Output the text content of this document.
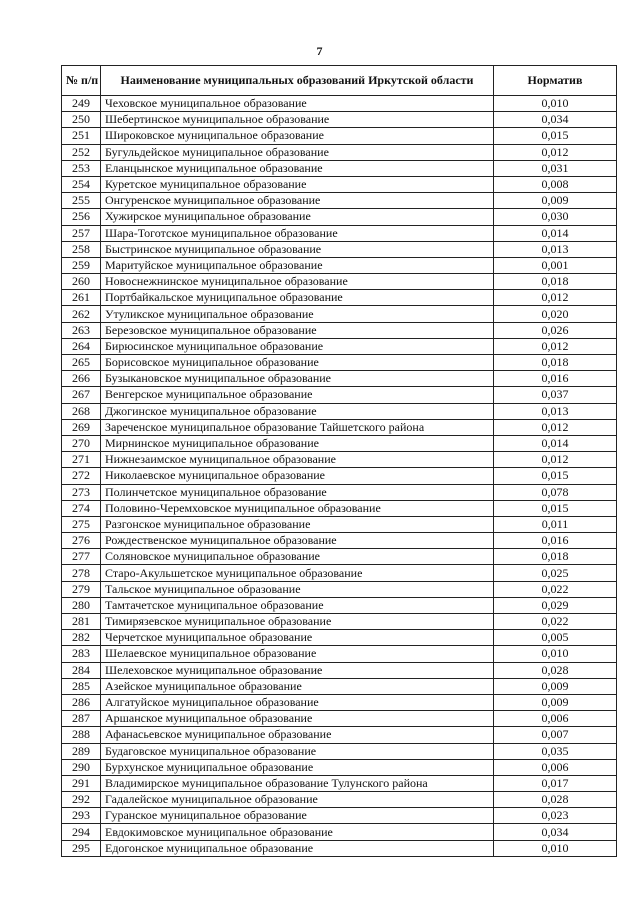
7
№ п/п	Наименование муниципальных образований Иркутской области	Норматив
249	Чеховское муниципальное образование	0,010
250	Шебертинское муниципальное образование	0,034
251	Широковское муниципальное образование	0,015
252	Бугульдейское муниципальное образование	0,012
253	Еланцынское муниципальное образование	0,031
254	Куретское муниципальное образование	0,008
255	Онгуренское муниципальное образование	0,009
256	Хужирское муниципальное образование	0,030
257	Шара-Тоготское муниципальное образование	0,014
258	Быстринское муниципальное образование	0,013
259	Маритуйское муниципальное образование	0,001
260	Новоснежнинское муниципальное образование	0,018
261	Портбайкальское муниципальное образование	0,012
262	Утуликское муниципальное образование	0,020
263	Березовское муниципальное образование	0,026
264	Бирюсинское муниципальное образование	0,012
265	Борисовское муниципальное образование	0,018
266	Бузыкановское муниципальное образование	0,016
267	Венгерское муниципальное образование	0,037
268	Джогинское муниципальное образование	0,013
269	Зареченское муниципальное образование Тайшетского района	0,012
270	Мирнинское муниципальное образование	0,014
271	Нижнезаимское муниципальное образование	0,012
272	Николаевское муниципальное образование	0,015
273	Полинчетское муниципальное образование	0,078
274	Половино-Черемховское муниципальное образование	0,015
275	Разгонское муниципальное образование	0,011
276	Рождественское муниципальное образование	0,016
277	Соляновское муниципальное образование	0,018
278	Старо-Акульшетское муниципальное образование	0,025
279	Тальское муниципальное образование	0,022
280	Тамтачетское муниципальное образование	0,029
281	Тимирязевское муниципальное образование	0,022
282	Черчетское муниципальное образование	0,005
283	Шелаевское муниципальное образование	0,010
284	Шелеховское муниципальное образование	0,028
285	Азейское муниципальное образование	0,009
286	Алгатуйское муниципальное образование	0,009
287	Аршанское муниципальное образование	0,006
288	Афанасьевское муниципальное образование	0,007
289	Будаговское муниципальное образование	0,035
290	Бурхунское муниципальное образование	0,006
291	Владимирское муниципальное образование Тулунского района	0,017
292	Гадалейское муниципальное образование	0,028
293	Гуранское муниципальное образование	0,023
294	Евдокимовское муниципальное образование	0,034
295	Едогонское муниципальное образование	0,010
